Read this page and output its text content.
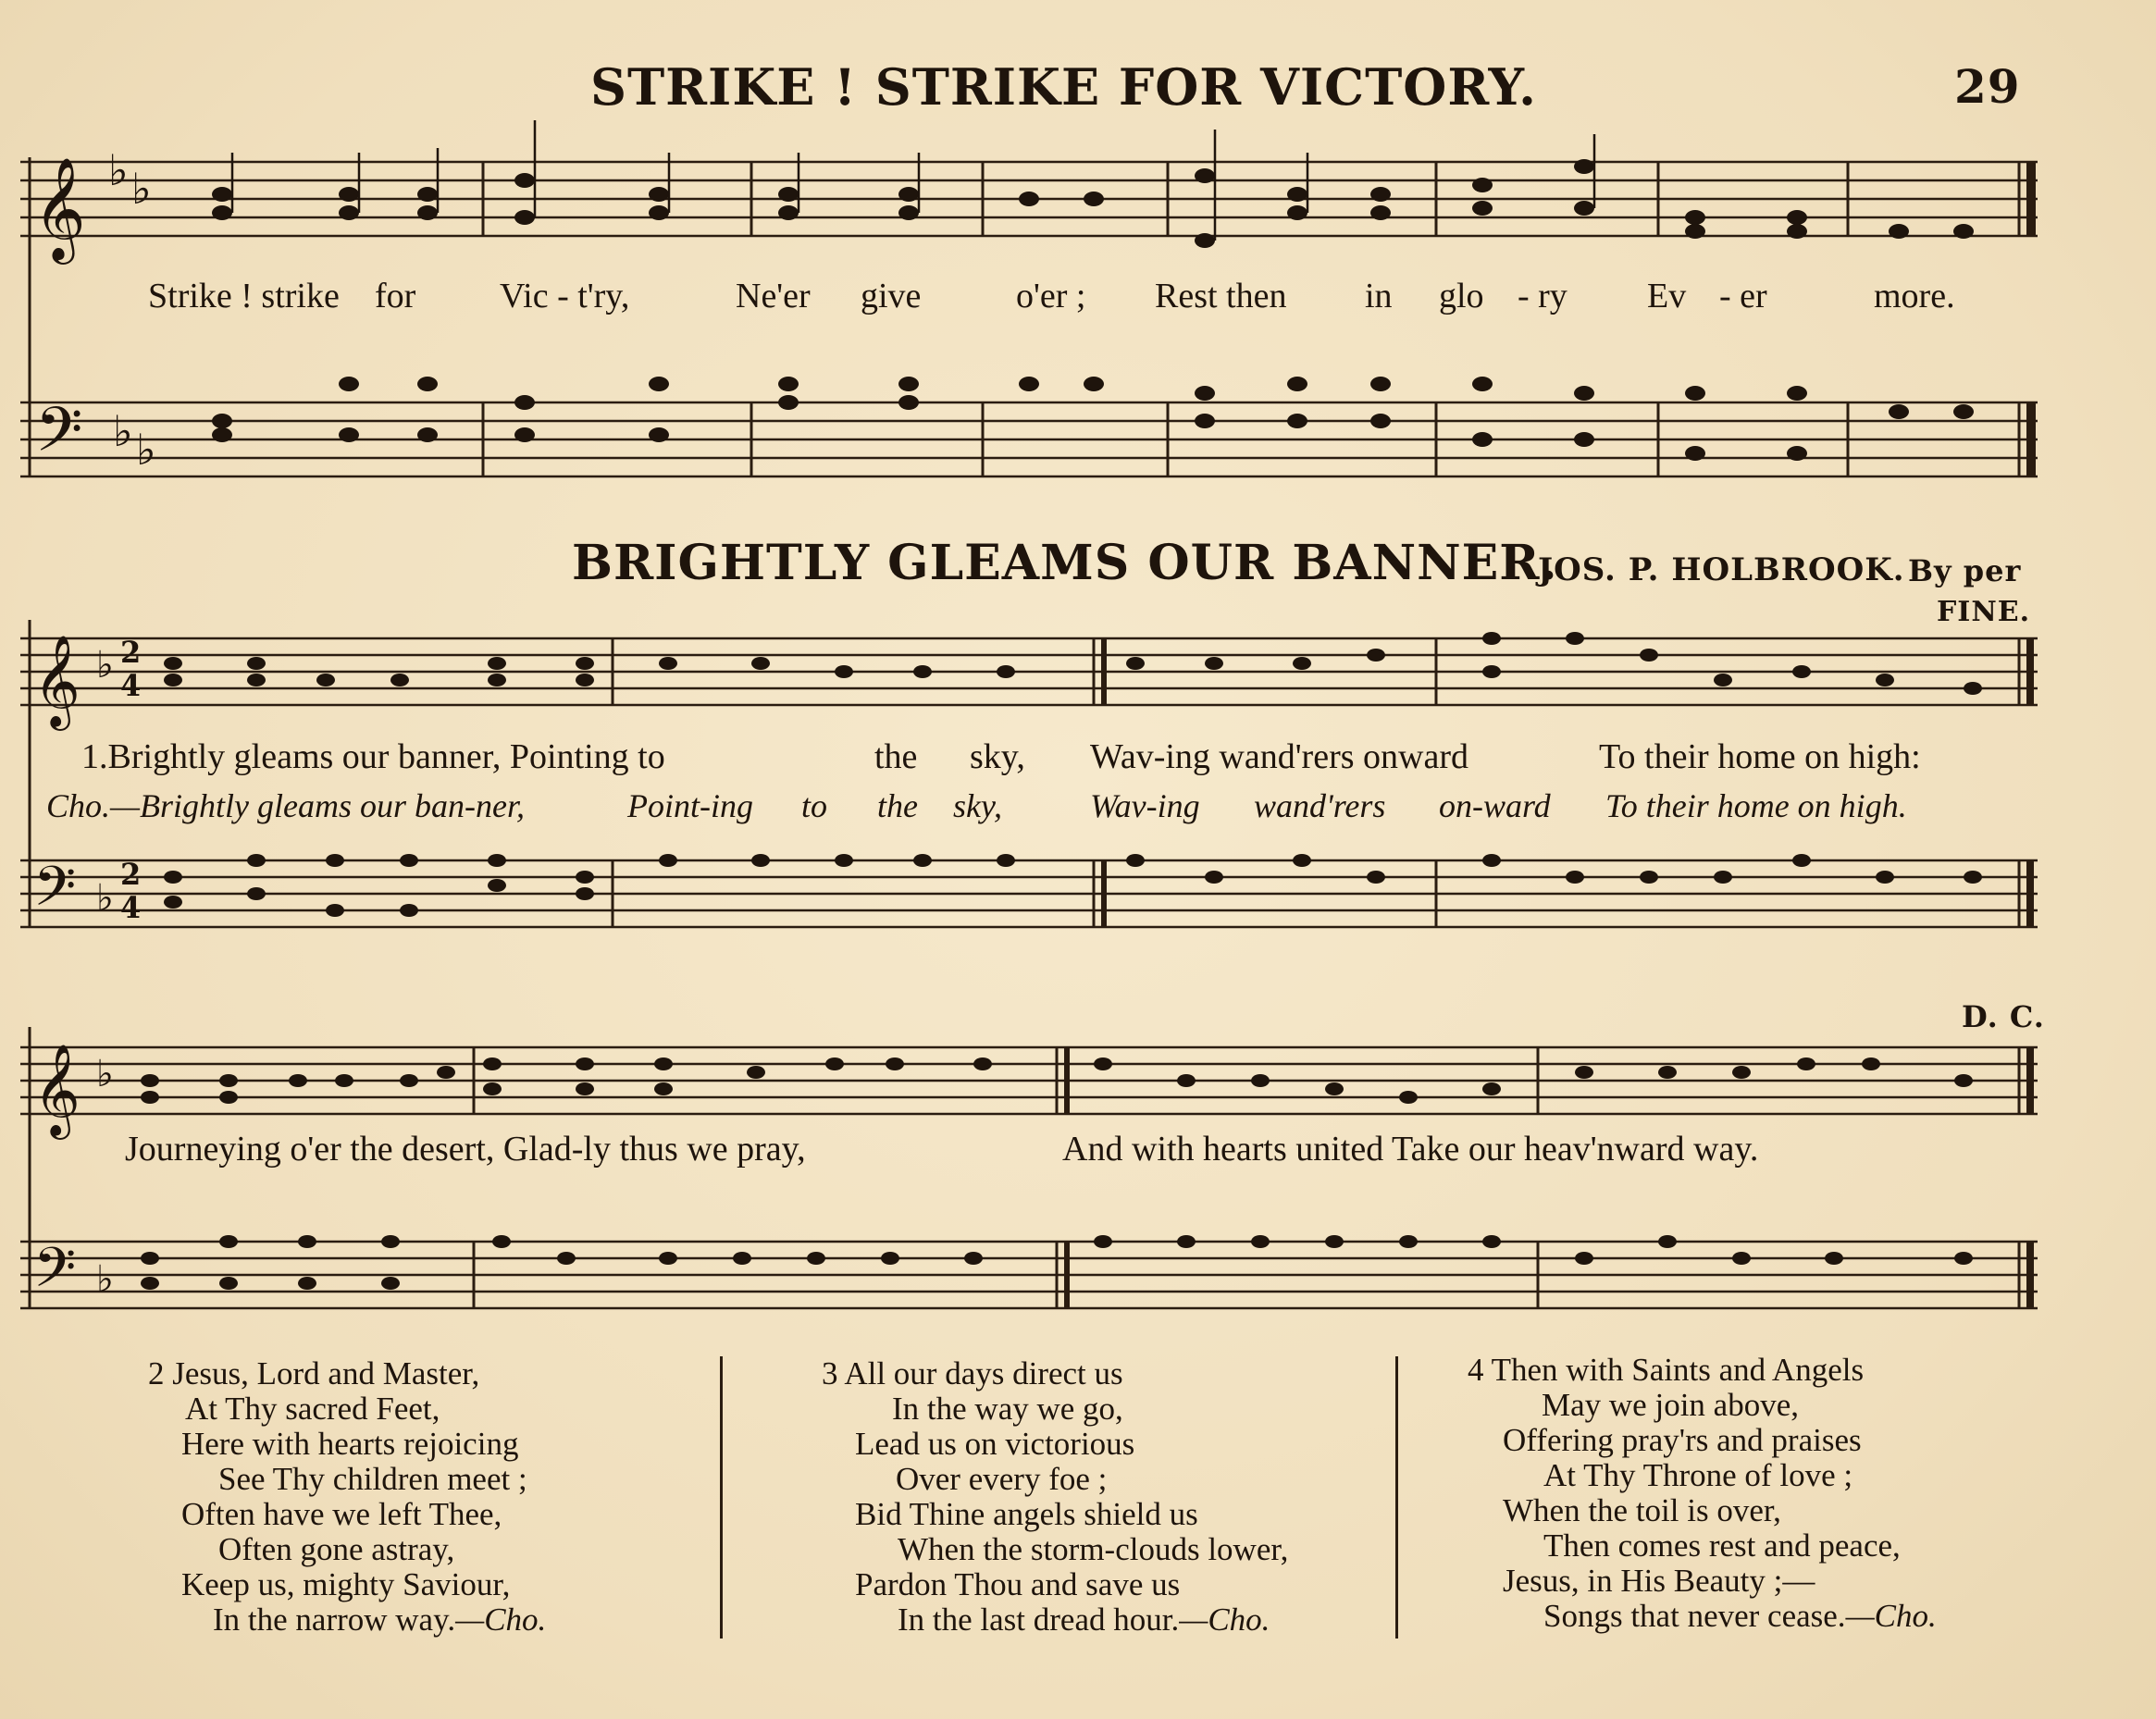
STRIKE ! STRIKE FOR VICTORY.	29
𝄞 ♭ ♭
Strike ! strike for Vic - t'ry,	Ne'er give	o'er ; Rest then in glo - ry Ev - er	more.
𝄢 ♭ ♭
BRIGHTLY GLEAMS OUR BANNER.
JOS. P. HOLBROOK. By per
FINE.
𝄞 ♭ 2
4
1.Brightly gleams our banner, Pointing to	the sky, Wav-ing wand'rers onward	To their home on high:
Cho.—Brightly gleams our ban-ner,	Point-ing to the sky,	Wav-ing wand'rers on-ward To their home on high.
𝄢 ♭
2
4
D. C.
𝄞 ♭
Journeying o'er the desert, Glad-ly thus we pray,	And with hearts united Take our heav'nward way.
𝄢 ♭
2 Jesus, Lord and Master,
At Thy sacred Feet,
Here with hearts rejoicing
See Thy children meet ;
Often have we left Thee,
Often gone astray,
Keep us, mighty Saviour,
In the narrow way.—Cho.
3 All our days direct us
In the way we go,
Lead us on victorious
Over every foe ;
Bid Thine angels shield us
When the storm-clouds lower,
Pardon Thou and save us
In the last dread hour.—Cho.
4 Then with Saints and Angels
May we join above,
Offering pray'rs and praises
At Thy Throne of love ;
When the toil is over,
Then comes rest and peace,
Jesus, in His Beauty ;—
Songs that never cease.—Cho.
